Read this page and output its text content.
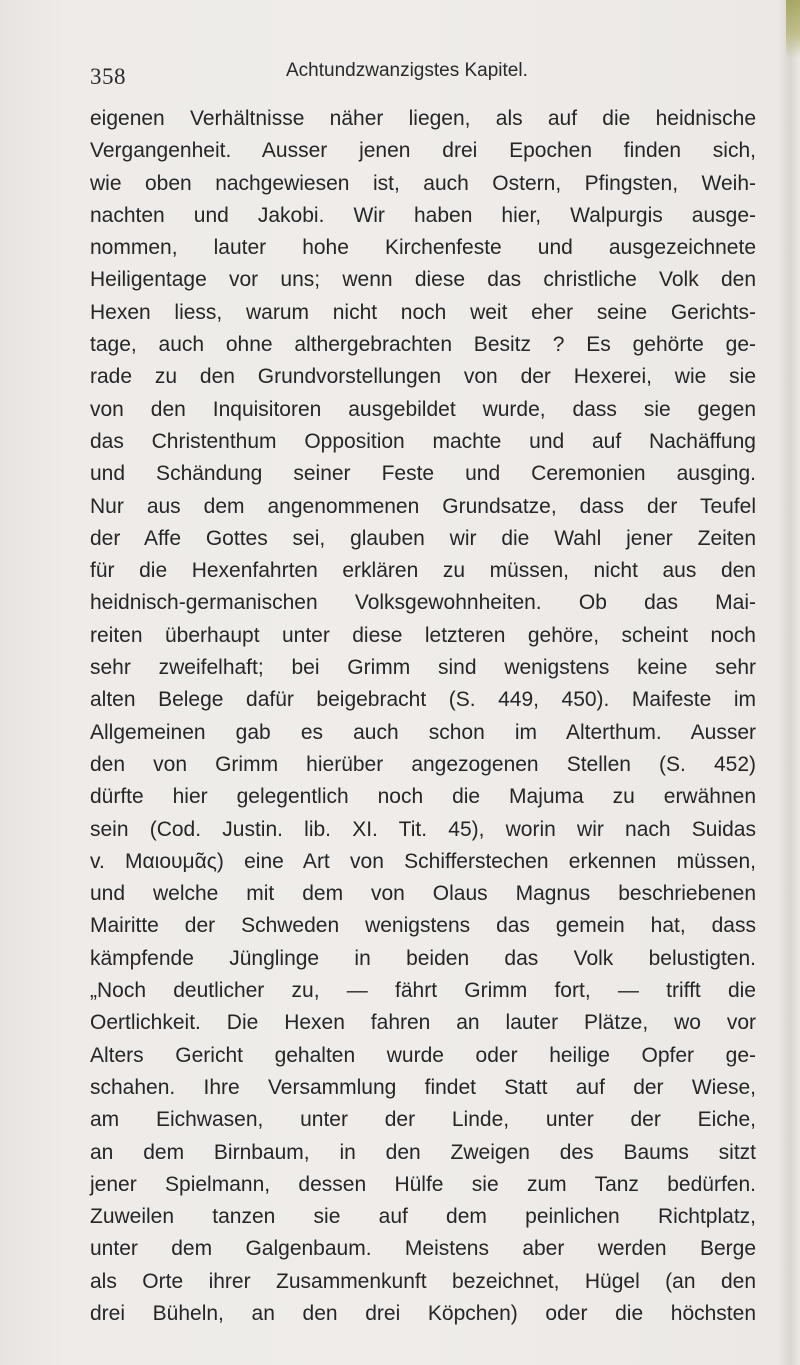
358	Achtundzwanzigstes Kapitel.
eigenen Verhältnisse näher liegen, als auf die heidnische
Vergangenheit. Ausser jenen drei Epochen finden sich,
wie oben nachgewiesen ist, auch Ostern, Pfingsten, Weih-
nachten und Jakobi. Wir haben hier, Walpurgis ausge-
nommen, lauter hohe Kirchenfeste und ausgezeichnete
Heiligentage vor uns; wenn diese das christliche Volk den
Hexen liess, warum nicht noch weit eher seine Gerichts-
tage, auch ohne althergebrachten Besitz ? Es gehörte ge-
rade zu den Grundvorstellungen von der Hexerei, wie sie
von den Inquisitoren ausgebildet wurde, dass sie gegen
das Christenthum Opposition machte und auf Nachäffung
und Schändung seiner Feste und Ceremonien ausging.
Nur aus dem angenommenen Grundsatze, dass der Teufel
der Affe Gottes sei, glauben wir die Wahl jener Zeiten
für die Hexenfahrten erklären zu müssen, nicht aus den
heidnisch-germanischen Volksgewohnheiten. Ob das Mai-
reiten überhaupt unter diese letzteren gehöre, scheint noch
sehr zweifelhaft; bei Grimm sind wenigstens keine sehr
alten Belege dafür beigebracht (S. 449, 450). Maifeste im
Allgemeinen gab es auch schon im Alterthum. Ausser
den von Grimm hierüber angezogenen Stellen (S. 452)
dürfte hier gelegentlich noch die Majuma zu erwähnen
sein (Cod. Justin. lib. XI. Tit. 45), worin wir nach Suidas
v. Μαιουμᾶς) eine Art von Schifferstechen erkennen müssen,
und welche mit dem von Olaus Magnus beschriebenen
Mairitte der Schweden wenigstens das gemein hat, dass
kämpfende Jünglinge in beiden das Volk belustigten.
„Noch deutlicher zu, — fährt Grimm fort, — trifft die
Oertlichkeit. Die Hexen fahren an lauter Plätze, wo vor
Alters Gericht gehalten wurde oder heilige Opfer ge-
schahen. Ihre Versammlung findet Statt auf der Wiese,
am Eichwasen, unter der Linde, unter der Eiche,
an dem Birnbaum, in den Zweigen des Baums sitzt
jener Spielmann, dessen Hülfe sie zum Tanz bedürfen.
Zuweilen tanzen sie auf dem peinlichen Richtplatz,
unter dem Galgenbaum. Meistens aber werden Berge
als Orte ihrer Zusammenkunft bezeichnet, Hügel (an den
drei Büheln, an den drei Köpchen) oder die höchsten
